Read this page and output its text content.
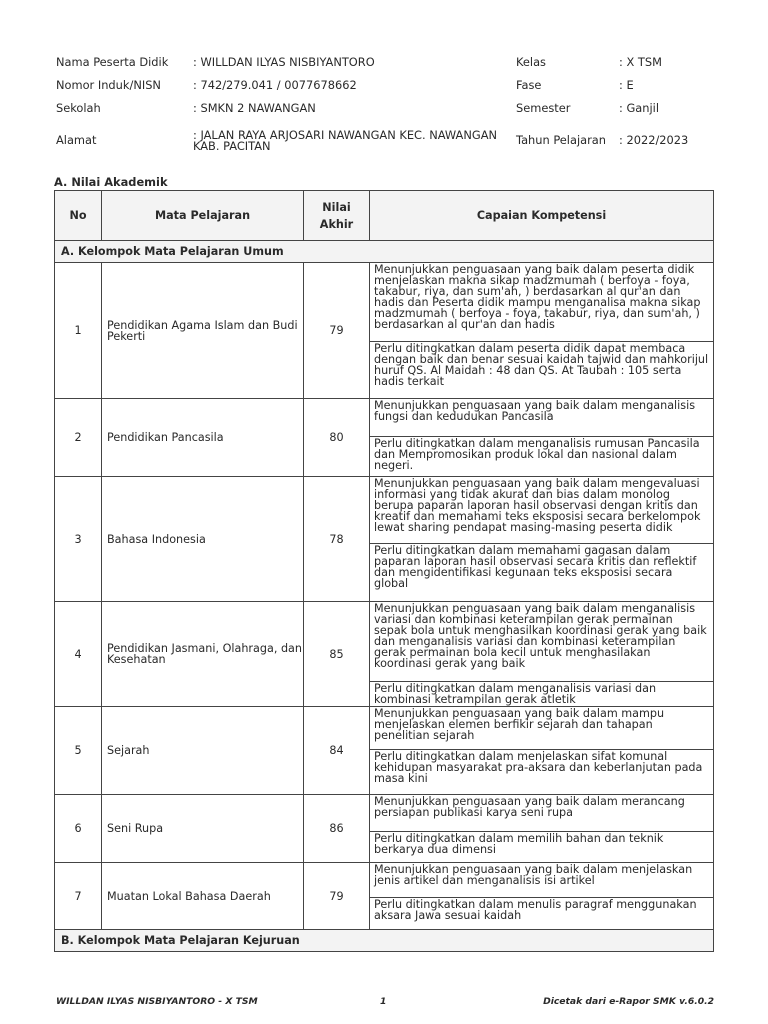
Nama Peserta Didik : WILLDAN ILYAS NISBIYANTORO	Kelas	: X TSM
Nomor Induk/NISN	: 742/279.041 / 0077678662	Fase	: E
Sekolah	: SMKN 2 NAWANGAN	Semester	: Ganjil
Alamat	: JALAN RAYA ARJOSARI NAWANGAN KEC. NAWANGAN KAB. PACITAN	Tahun Pelajaran : 2022/2023
A. Nilai Akademik
No	Mata Pelajaran	Nilai Akhir	Capaian Kompetensi
A. Kelompok Mata Pelajaran Umum			
1	Pendidikan Agama Islam dan Budi Pekerti	79	Menunjukkan penguasaan yang baik dalam peserta didik menjelaskan makna sikap madzmumah ( berfoya - foya, takabur, riya, dan sum'ah, ) berdasarkan al qur'an dan hadis dan Peserta didik mampu menganalisa makna sikap madzmumah ( berfoya - foya, takabur, riya, dan sum'ah, ) berdasarkan al qur'an dan hadis
			Perlu ditingkatkan dalam peserta didik dapat membaca dengan baik dan benar sesuai kaidah tajwid dan mahkorijul huruf QS. Al Maidah : 48 dan QS. At Taubah : 105 serta hadis terkait
2	Pendidikan Pancasila	80	Menunjukkan penguasaan yang baik dalam menganalisis fungsi dan kedudukan Pancasila
			Perlu ditingkatkan dalam menganalisis rumusan Pancasila dan Mempromosikan produk lokal dan nasional dalam negeri.
3	Bahasa Indonesia	78	Menunjukkan penguasaan yang baik dalam mengevaluasi informasi yang tidak akurat dan bias dalam monolog berupa paparan laporan hasil observasi dengan kritis dan kreatif dan memahami teks eksposisi secara berkelompok lewat sharing pendapat masing-masing peserta didik
			Perlu ditingkatkan dalam memahami gagasan dalam paparan laporan hasil observasi secara kritis dan reflektif dan mengidentifikasi kegunaan teks eksposisi secara global
4	Pendidikan Jasmani, Olahraga, dan Kesehatan	85	Menunjukkan penguasaan yang baik dalam menganalisis variasi dan kombinasi keterampilan gerak permainan sepak bola untuk menghasilkan koordinasi gerak yang baik dan menganalisis variasi dan kombinasi keterampilan gerak permainan bola kecil untuk menghasilakan koordinasi gerak yang baik
			Perlu ditingkatkan dalam menganalisis variasi dan kombinasi ketrampilan gerak atletik
5	Sejarah	84	Menunjukkan penguasaan yang baik dalam mampu menjelaskan elemen berfikir sejarah dan tahapan penelitian sejarah
			Perlu ditingkatkan dalam menjelaskan sifat komunal kehidupan masyarakat pra-aksara dan keberlanjutan pada masa kini
6	Seni Rupa	86	Menunjukkan penguasaan yang baik dalam merancang persiapan publikasi karya seni rupa
			Perlu ditingkatkan dalam memilih bahan dan teknik berkarya dua dimensi
7	Muatan Lokal Bahasa Daerah	79	Menunjukkan penguasaan yang baik dalam menjelaskan jenis artikel dan menganalisis isi artikel
			Perlu ditingkatkan dalam menulis paragraf menggunakan aksara Jawa sesuai kaidah
B. Kelompok Mata Pelajaran Kejuruan			
WILLDAN ILYAS NISBIYANTORO - X TSM	1	Dicetak dari e-Rapor SMK v.6.0.2
